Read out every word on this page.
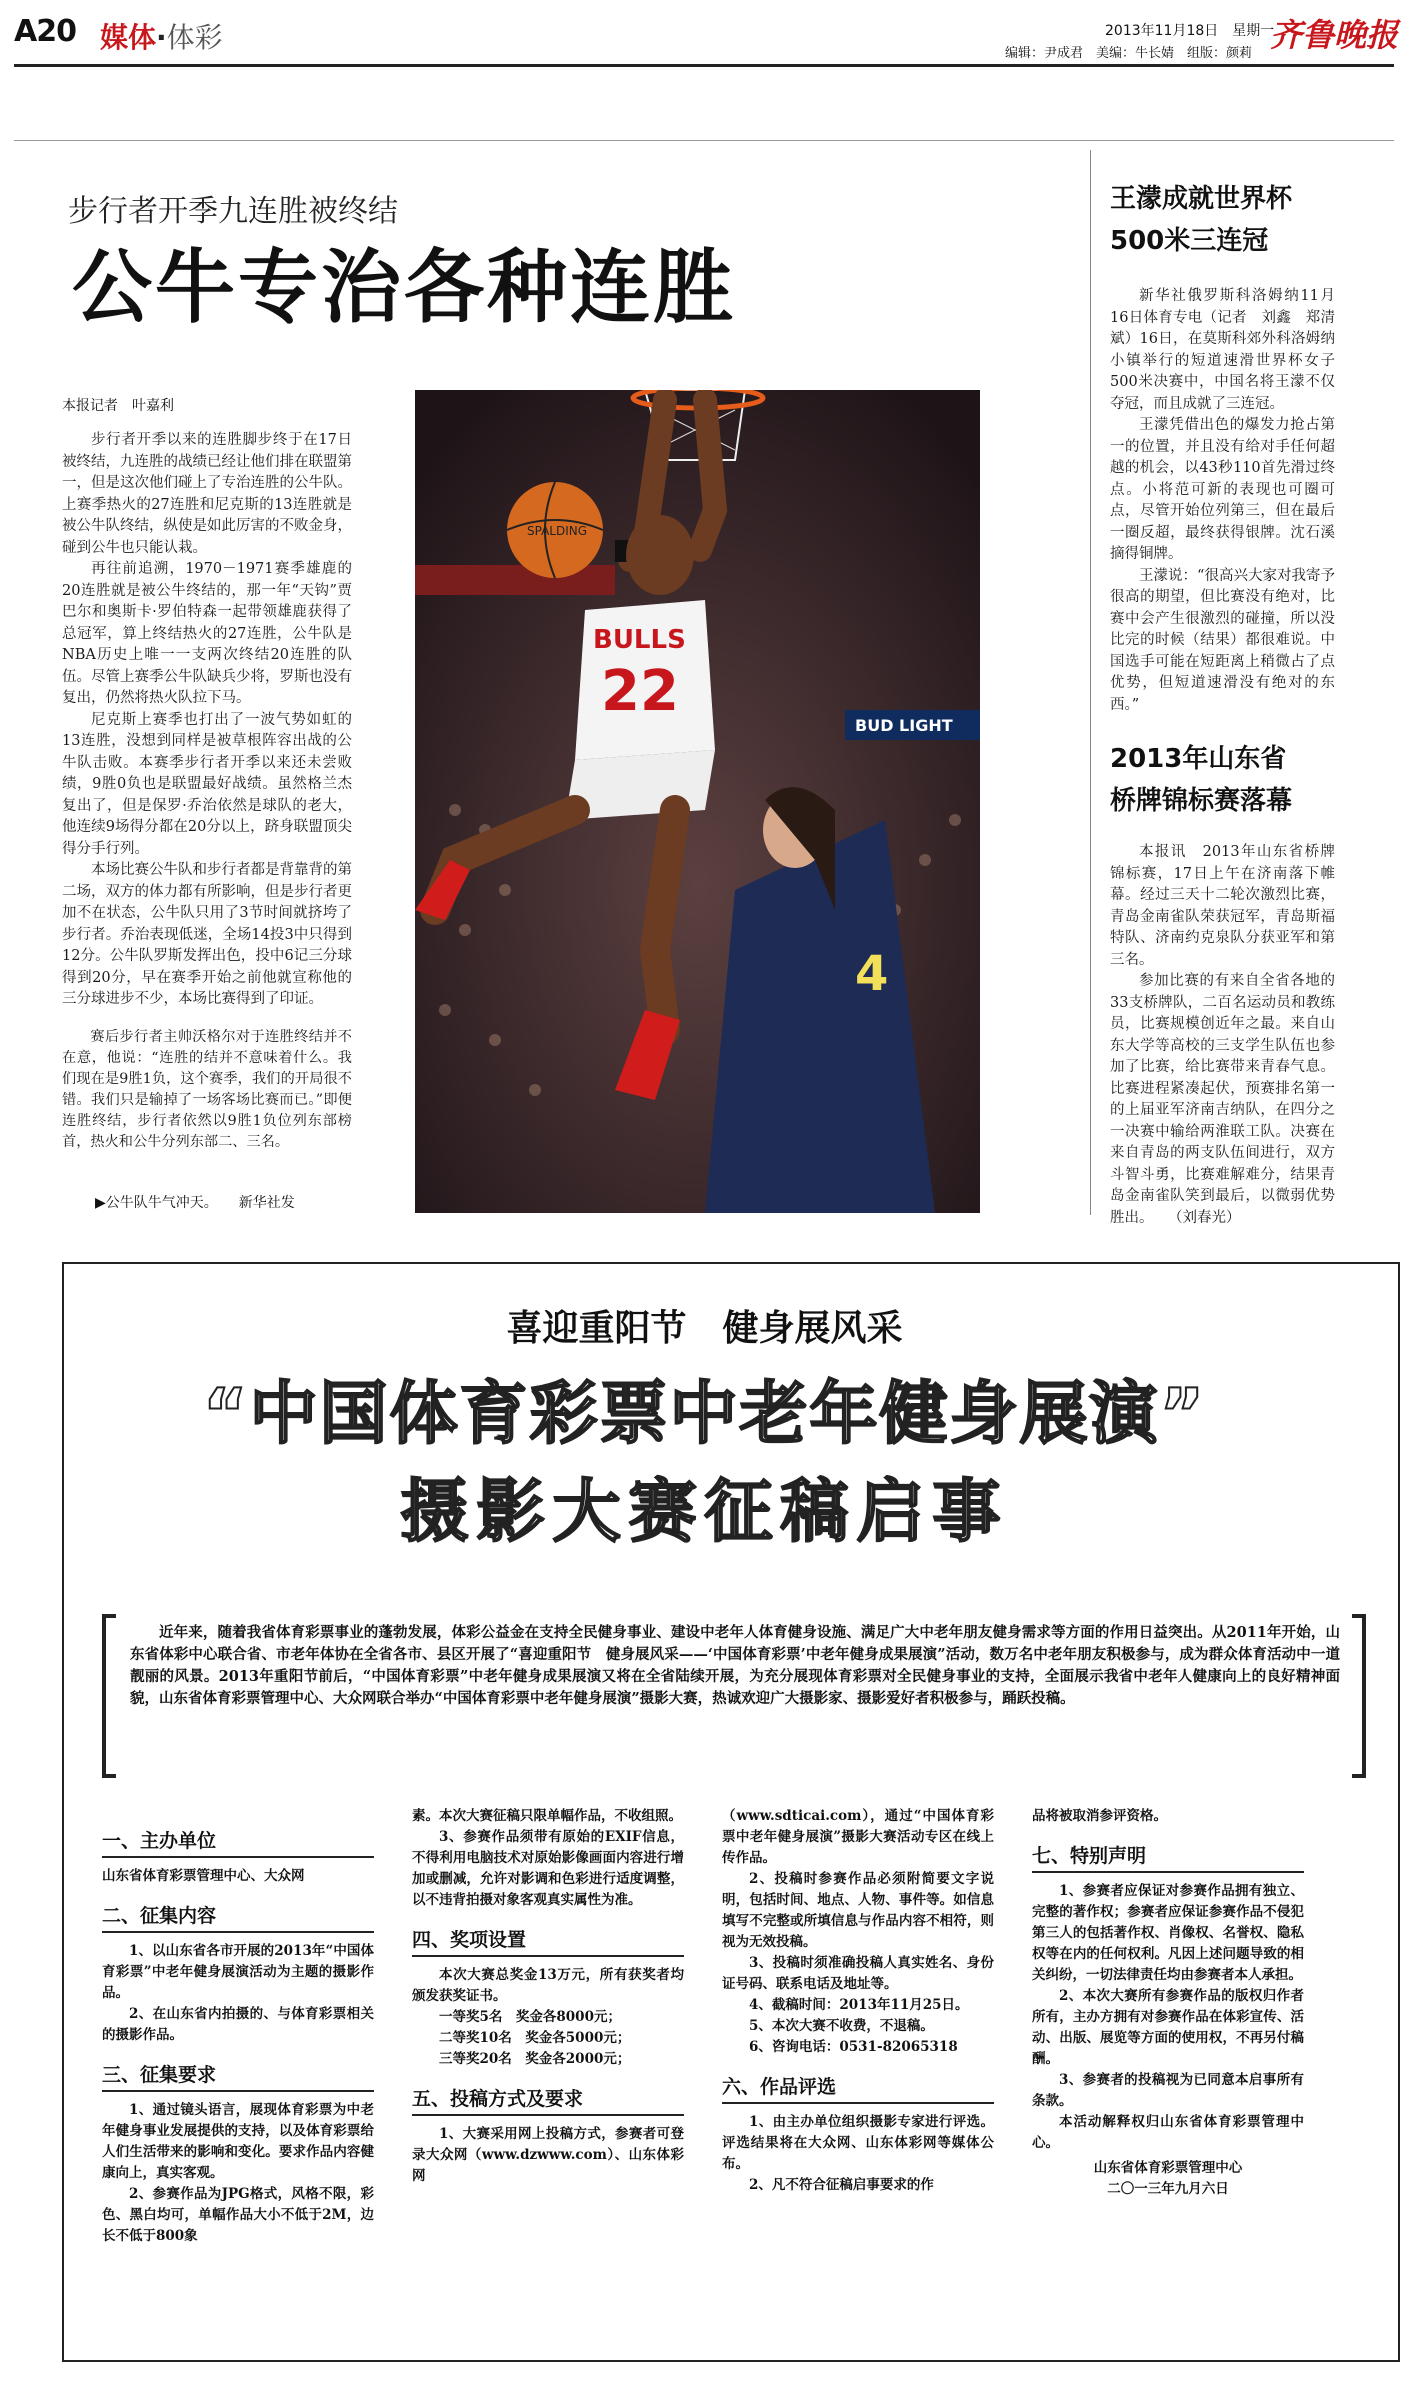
A20 媒体·体彩	2013年11月18日　 星期一
编辑：尹成君　美编：牛长婧　组版：颜莉 齐鲁晚报
步行者开季九连胜被终结
公牛专治各种连胜
本报记者　叶嘉利

步行者开季以来的连胜脚步终于在17日被终结，九连胜的战绩已经让他们排在联盟第一，但是这次他们碰上了专治连胜的公牛队。上赛季热火的27连胜和尼克斯的13连胜就是被公牛队终结，纵使是如此厉害的不败金身，碰到公牛也只能认栽。

再往前追溯，1970－1971赛季雄鹿的20连胜就是被公牛终结的，那一年“天钩”贾巴尔和奥斯卡·罗伯特森一起带领雄鹿获得了总冠军，算上终结热火的27连胜，公牛队是NBA历史上唯一一支两次终结20连胜的队伍。尽管上赛季公牛队缺兵少将，罗斯也没有复出，仍然将热火队拉下马。

尼克斯上赛季也打出了一波气势如虹的13连胜，没想到同样是被草根阵容出战的公牛队击败。本赛季步行者开季以来还未尝败绩，9胜0负也是联盟最好战绩。虽然格兰杰复出了，但是保罗·乔治依然是球队的老大，他连续9场得分都在20分以上，跻身联盟顶尖得分手行列。

本场比赛公牛队和步行者都是背靠背的第二场，双方的体力都有所影响，但是步行者更加不在状态，公牛队只用了3节时间就挤垮了步行者。乔治表现低迷，全场14投3中只得到12分。公牛队罗斯发挥出色，投中6记三分球得到20分，早在赛季开始之前他就宣称他的三分球进步不少，本场比赛得到了印证。

赛后步行者主帅沃格尔对于连胜终结并不在意，他说：“连胜的结并不意味着什么。我们现在是9胜1负，这个赛季，我们的开局很不错。我们只是输掉了一场客场比赛而已。”即便连胜终结，步行者依然以9胜1负位列东部榜首，热火和公牛分列东部二、三名。

▶公牛队牛气冲天。　　新华社发
BUD LIGHT
SPALDING
BULLS
22
4
王濛成就世界杯
500米三连冠

新华社俄罗斯科洛姆纳11月16日体育专电（记者　刘鑫　郑清斌）16日，在莫斯科郊外科洛姆纳小镇举行的短道速滑世界杯女子500米决赛中，中国名将王濛不仅夺冠，而且成就了三连冠。

王濛凭借出色的爆发力抢占第一的位置，并且没有给对手任何超越的机会，以43秒110首先滑过终点。小将范可新的表现也可圈可点，尽管开始位列第三，但在最后一圈反超，最终获得银牌。沈石溪摘得铜牌。

王濛说：“很高兴大家对我寄予很高的期望，但比赛没有绝对，比赛中会产生很激烈的碰撞，所以没比完的时候（结果）都很难说。中国选手可能在短距离上稍微占了点优势，但短道速滑没有绝对的东西。”

2013年山东省
桥牌锦标赛落幕

本报讯　2013年山东省桥牌锦标赛，17日上午在济南落下帷幕。经过三天十二轮次激烈比赛，青岛金南雀队荣获冠军，青岛斯福特队、济南约克泉队分获亚军和第三名。

参加比赛的有来自全省各地的33支桥牌队，二百名运动员和教练员，比赛规模创近年之最。来自山东大学等高校的三支学生队伍也参加了比赛，给比赛带来青春气息。比赛进程紧凑起伏，预赛排名第一的上届亚军济南吉纳队，在四分之一决赛中输给两淮联工队。决赛在来自青岛的两支队伍间进行，双方斗智斗勇，比赛难解难分，结果青岛金南雀队笑到最后，以微弱优势胜出。　　（刘春光）

喜迎重阳节　健身展风采
“中国体育彩票中老年健身展演”
摄影大赛征稿启事

近年来，随着我省体育彩票事业的蓬勃发展，体彩公益金在支持全民健身事业、建设中老年人体育健身设施、满足广大中老年朋友健身需求等方面的作用日益突出。从2011年开始，山东省体彩中心联合省、市老年体协在全省各市、县区开展了“喜迎重阳节　健身展风采——‘中国体育彩票’中老年健身成果展演”活动，数万名中老年朋友积极参与，成为群众体育活动中一道靓丽的风景。2013年重阳节前后，“中国体育彩票”中老年健身成果展演又将在全省陆续开展，为充分展现体育彩票对全民健身事业的支持，全面展示我省中老年人健康向上的良好精神面貌，山东省体育彩票管理中心、大众网联合举办“中国体育彩票中老年健身展演”摄影大赛，热诚欢迎广大摄影家、摄影爱好者积极参与，踊跃投稿。

一、主办单位

山东省体育彩票管理中心、大众网

二、征集内容

1、以山东省各市开展的2013年“中国体育彩票”中老年健身展演活动为主题的摄影作品。

2、在山东省内拍摄的、与体育彩票相关的摄影作品。

三、征集要求

1、通过镜头语言，展现体育彩票为中老年健身事业发展提供的支持，以及体育彩票给人们生活带来的影响和变化。要求作品内容健康向上，真实客观。

2、参赛作品为JPG格式，风格不限，彩色、黑白均可，单幅作品大小不低于2M，边长不低于800象

素。本次大赛征稿只限单幅作品，不收组照。

3、参赛作品须带有原始的EXIF信息，不得利用电脑技术对原始影像画面内容进行增加或删减，允许对影调和色彩进行适度调整，以不违背拍摄对象客观真实属性为准。

四、奖项设置

本次大赛总奖金13万元，所有获奖者均颁发获奖证书。

一等奖5名　奖金各8000元；

二等奖10名　奖金各5000元；

三等奖20名　奖金各2000元；

五、投稿方式及要求

1、大赛采用网上投稿方式，参赛者可登录大众网（www.dzwww.com）、山东体彩网

（www.sdticai.com），通过“中国体育彩票中老年健身展演”摄影大赛活动专区在线上传作品。

2、投稿时参赛作品必须附简要文字说明，包括时间、地点、人物、事件等。如信息填写不完整或所填信息与作品内容不相符，则视为无效投稿。

3、投稿时须准确投稿人真实姓名、身份证号码、联系电话及地址等。

4、截稿时间：2013年11月25日。

5、本次大赛不收费，不退稿。

6、咨询电话：0531-82065318

六、作品评选

1、由主办单位组织摄影专家进行评选。评选结果将在大众网、山东体彩网等媒体公布。

2、凡不符合征稿启事要求的作

品将被取消参评资格。

七、特别声明

1、参赛者应保证对参赛作品拥有独立、完整的著作权；参赛者应保证参赛作品不侵犯第三人的包括著作权、肖像权、名誉权、隐私权等在内的任何权利。凡因上述问题导致的相关纠纷，一切法律责任均由参赛者本人承担。

2、本次大赛所有参赛作品的版权归作者所有，主办方拥有对参赛作品在体彩宣传、活动、出版、展览等方面的使用权，不再另付稿酬。

3、参赛者的投稿视为已同意本启事所有条款。

本活动解释权归山东省体育彩票管理中心。

山东省体育彩票管理中心
二〇一三年九月六日
